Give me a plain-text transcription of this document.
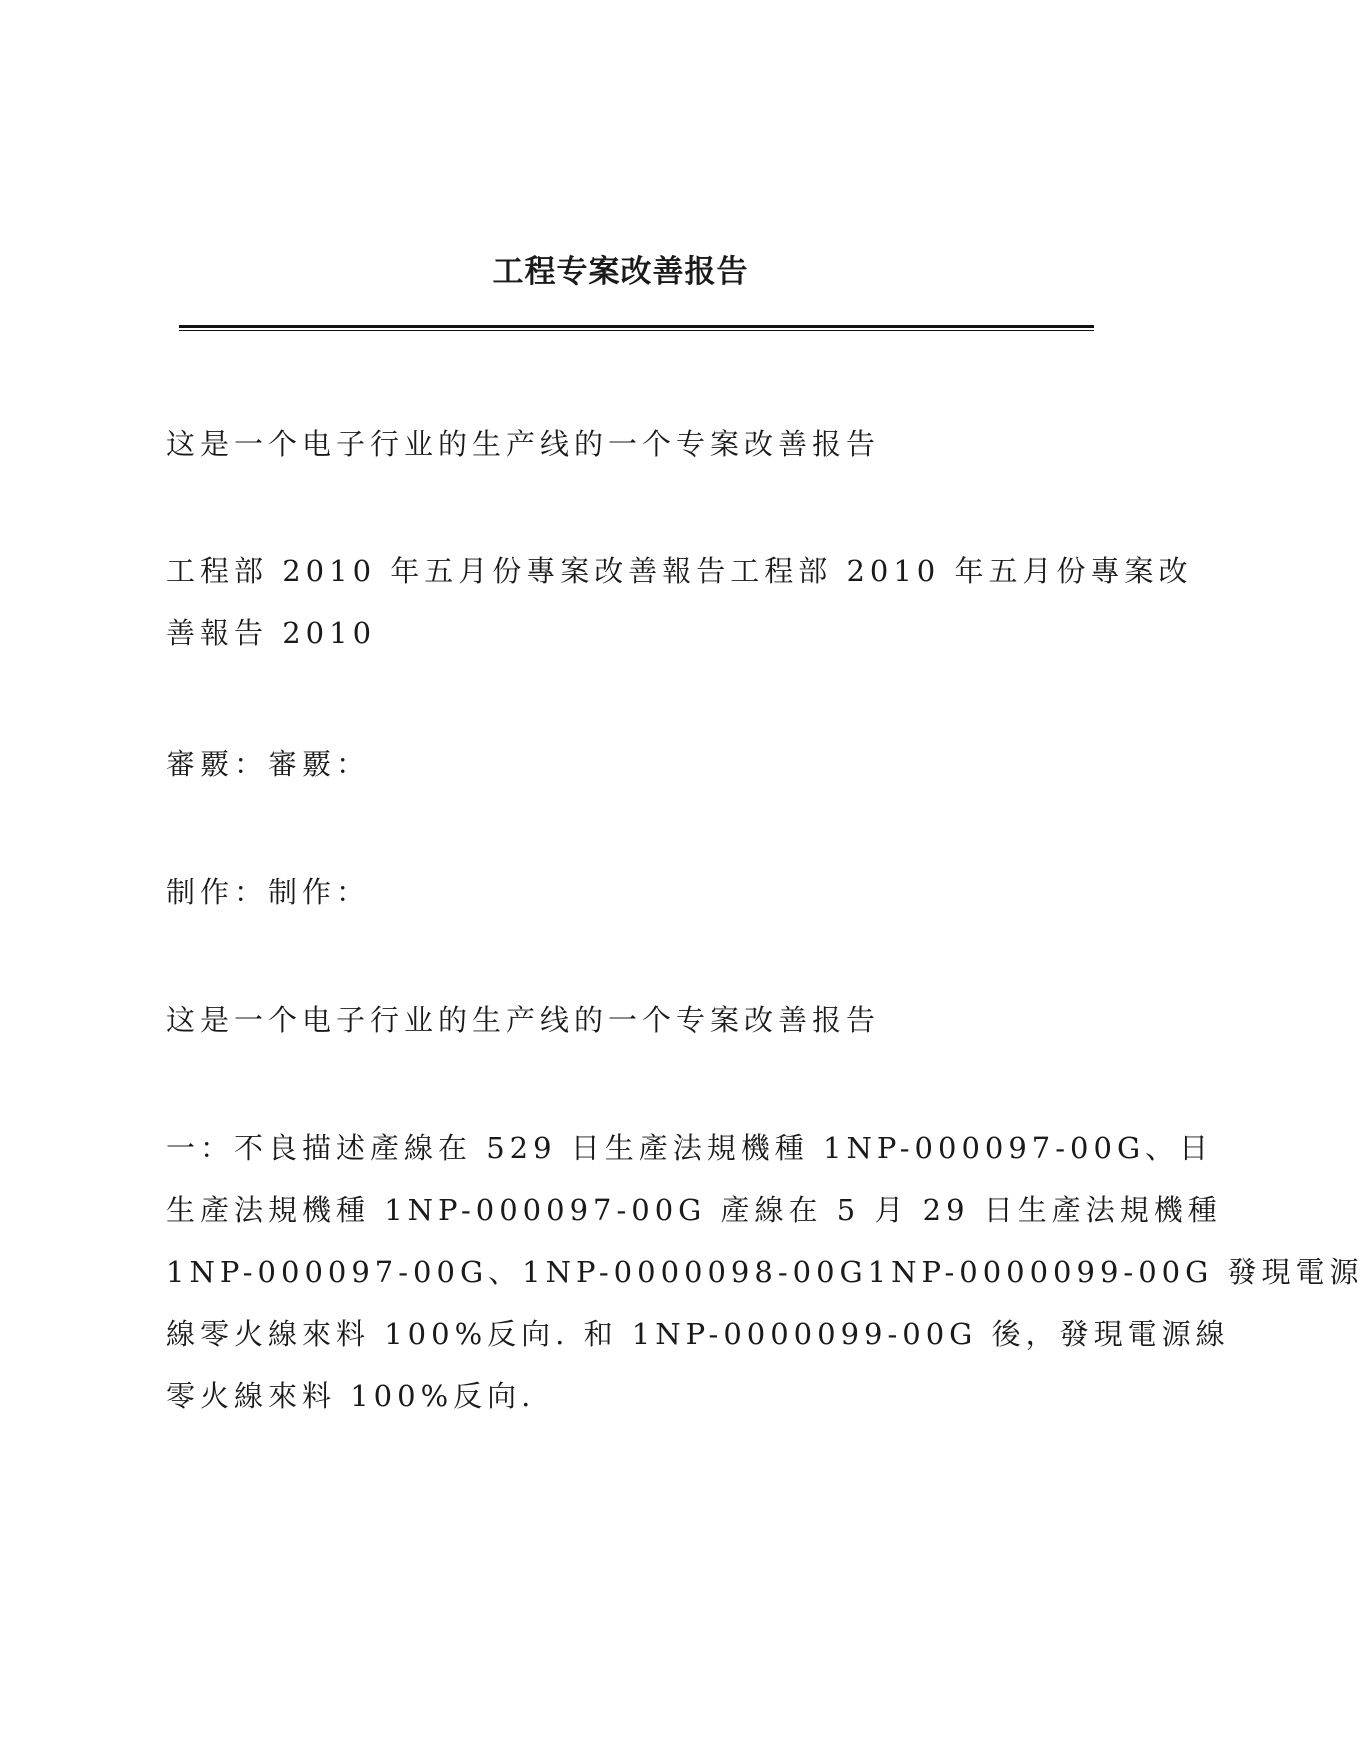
工程专案改善报告

这是一个电子行业的生产线的一个专案改善报告

工程部 2010 年五月份專案改善報告工程部 2010 年五月份專案改
善報告 2010

審覈：審覈：

制作：制作：

这是一个电子行业的生产线的一个专案改善报告

一：不良描述產線在 529 日生產法規機種 1NP-000097-00G、日
生產法規機種 1NP-000097-00G 產線在 5 月 29 日生產法規機種
1NP-000097-00G、1NP-0000098-00G1NP-0000099-00G 發現電源
線零火線來料 100%反向. 和 1NP-0000099-00G 後，發現電源線
零火線來料 100%反向.
